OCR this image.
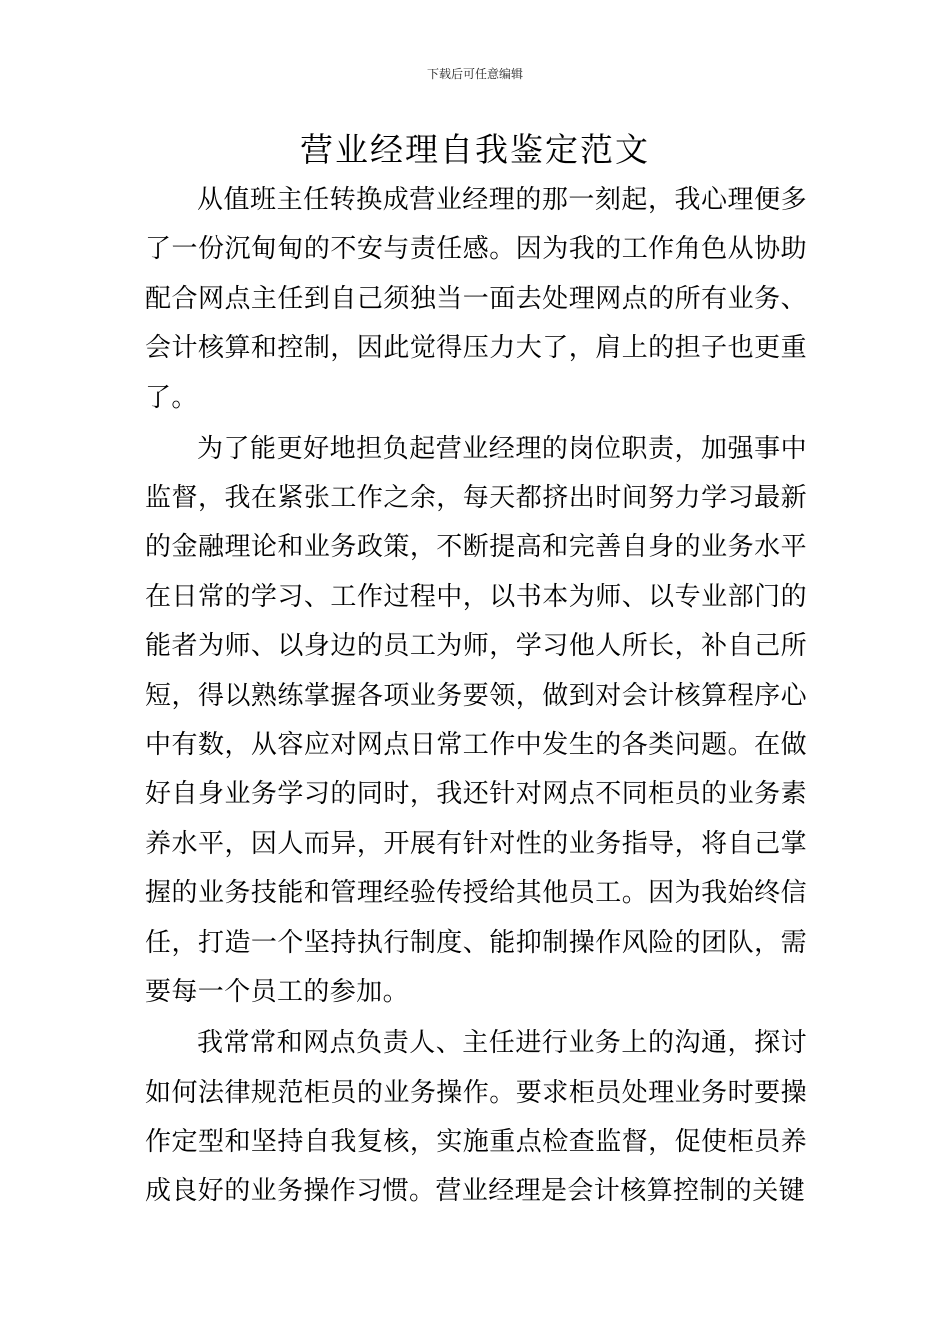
下载后可任意编辑
营业经理自我鉴定范文

从值班主任转换成营业经理的那一刻起，我心理便多了一份沉甸甸的不安与责任感。因为我的工作角色从协助配合网点主任到自己须独当一面去处理网点的所有业务、会计核算和控制，因此觉得压力大了，肩上的担子也更重了。

为了能更好地担负起营业经理的岗位职责，加强事中监督，我在紧张工作之余，每天都挤出时间努力学习最新的金融理论和业务政策，不断提高和完善自身的业务水平在日常的学习、工作过程中，以书本为师、以专业部门的能者为师、以身边的员工为师，学习他人所长，补自己所短，得以熟练掌握各项业务要领，做到对会计核算程序心中有数，从容应对网点日常工作中发生的各类问题。在做好自身业务学习的同时，我还针对网点不同柜员的业务素养水平，因人而异，开展有针对性的业务指导，将自己掌握的业务技能和管理经验传授给其他员工。因为我始终信任，打造一个坚持执行制度、能抑制操作风险的团队，需要每一个员工的参加。

我常常和网点负责人、主任进行业务上的沟通，探讨如何法律规范柜员的业务操作。要求柜员处理业务时要操作定型和坚持自我复核，实施重点检查监督，促使柜员养成良好的业务操作习惯。营业经理是会计核算控制的关键
